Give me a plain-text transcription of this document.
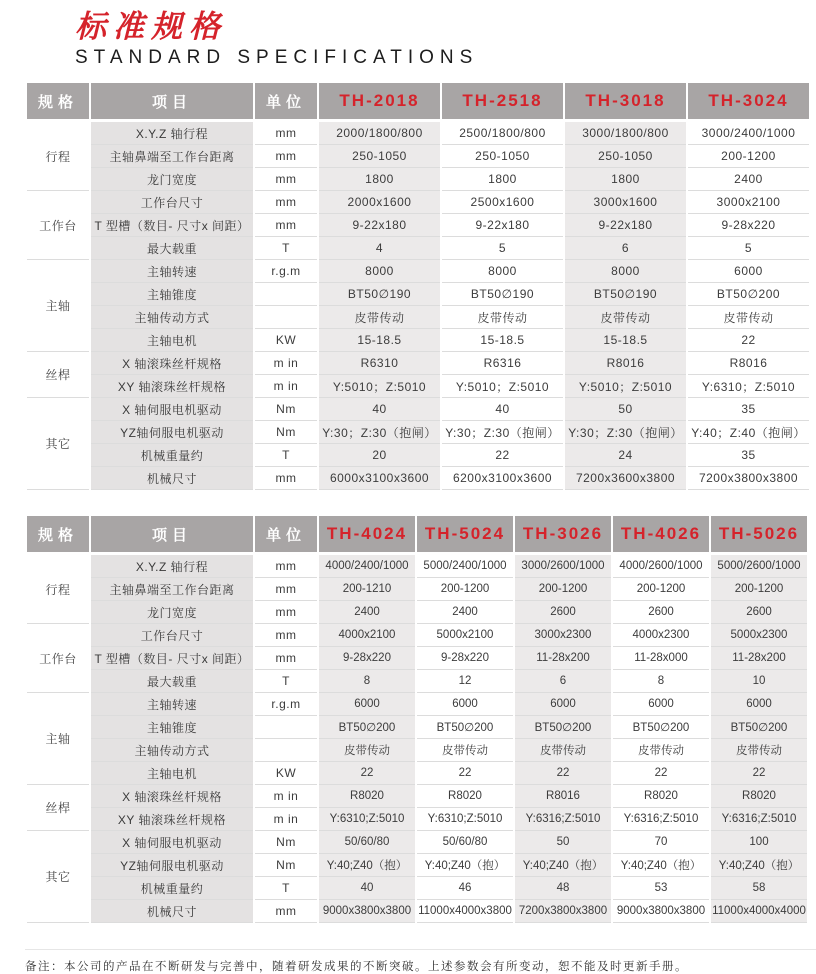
标准规格
STANDARD SPECIFICATIONS
规格	项目	单位	TH-2018	TH-2518	TH-3018	TH-3024
行程	X.Y.Z 轴行程	mm	2000/1800/800	2500/1800/800	3000/1800/800	3000/2400/1000
	主轴鼻端至工作台距离	mm	250-1050	250-1050	250-1050	200-1200
	龙门宽度	mm	1800	1800	1800	2400
工作台	工作台尺寸	mm	2000x1600	2500x1600	3000x1600	3000x2100
	T 型槽（数目- 尺寸x 间距）	mm	9-22x180	9-22x180	9-22x180	9-28x220
	最大载重	T	4	5	6	5
主轴	主轴转速	r.g.m	8000	8000	8000	6000
	主轴锥度		BT50∅190	BT50∅190	BT50∅190	BT50∅200
	主轴传动方式		皮带传动	皮带传动	皮带传动	皮带传动
	主轴电机	KW	15-18.5	15-18.5	15-18.5	22
丝桿	X 轴滚珠丝杆规格	m in	R6310	R6316	R8016	R8016
	XY 轴滚珠丝杆规格	m in	Y:5010；Z:5010	Y:5010；Z:5010	Y:5010；Z:5010	Y:6310；Z:5010
其它	X 轴伺服电机驱动	Nm	40	40	50	35
	YZ轴伺服电机驱动	Nm	Y:30；Z:30（抱闸）	Y:30；Z:30（抱闸）	Y:30；Z:30（抱闸）	Y:40；Z:40（抱闸）
	机械重量约	T	20	22	24	35
	机械尺寸	mm	6000x3100x3600	6200x3100x3600	7200x3600x3800	7200x3800x3800
规格	项目	单位	TH-4024	TH-5024	TH-3026	TH-4026	TH-5026
行程	X.Y.Z 轴行程	mm	4000/2400/1000	5000/2400/1000	3000/2600/1000	4000/2600/1000	5000/2600/1000
	主轴鼻端至工作台距离	mm	200-1210	200-1200	200-1200	200-1200	200-1200
	龙门宽度	mm	2400	2400	2600	2600	2600
工作台	工作台尺寸	mm	4000x2100	5000x2100	3000x2300	4000x2300	5000x2300
	T 型槽（数目- 尺寸x 间距）	mm	9-28x220	9-28x220	11-28x200	11-28x000	11-28x200
	最大载重	T	8	12	6	8	10
主轴	主轴转速	r.g.m	6000	6000	6000	6000	6000
	主轴锥度		BT50∅200	BT50∅200	BT50∅200	BT50∅200	BT50∅200
	主轴传动方式		皮带传动	皮带传动	皮带传动	皮带传动	皮带传动
	主轴电机	KW	22	22	22	22	22
丝桿	X 轴滚珠丝杆规格	m in	R8020	R8020	R8016	R8020	R8020
	XY 轴滚珠丝杆规格	m in	Y:6310;Z:5010	Y:6310;Z:5010	Y:6316;Z:5010	Y:6316;Z:5010	Y:6316;Z:5010
其它	X 轴伺服电机驱动	Nm	50/60/80	50/60/80	50	70	100
	YZ轴伺服电机驱动	Nm	Y:40;Z40（抱）	Y:40;Z40（抱）	Y:40;Z40（抱）	Y:40;Z40（抱）	Y:40;Z40（抱）
	机械重量约	T	40	46	48	53	58
	机械尺寸	mm	9000x3800x3800	11000x4000x3800	7200x3800x3800	9000x3800x3800	11000x4000x4000
备注：本公司的产品在不断研发与完善中，随着研发成果的不断突破。上述参数会有所变动，恕不能及时更新手册。
